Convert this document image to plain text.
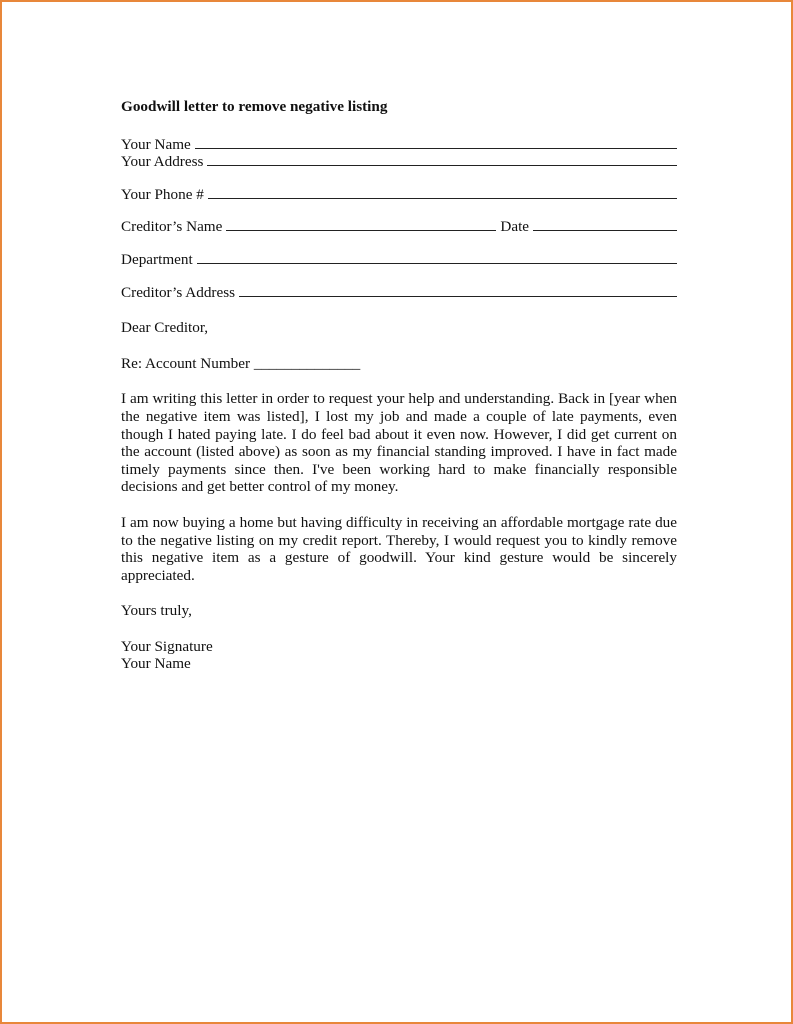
Goodwill letter to remove negative listing
Your Name
Your Address
Your Phone #
Creditor’s Name	Date
Department
Creditor’s Address
Dear Creditor,
Re: Account Number ______________

I am writing this letter in order to request your help and understanding. Back in [year when the negative item was listed], I lost my job and made a couple of late payments, even though I hated paying late. I do feel bad about it even now. However, I did get current on the account (listed above) as soon as my financial standing improved. I have in fact made timely payments since then. I've been working hard to make financially responsible decisions and get better control of my money.

I am now buying a home but having difficulty in receiving an affordable mortgage rate due to the negative listing on my credit report. Thereby, I would request you to kindly remove this negative item as a gesture of goodwill. Your kind gesture would be sincerely appreciated.

Yours truly,
Your Signature
Your Name
